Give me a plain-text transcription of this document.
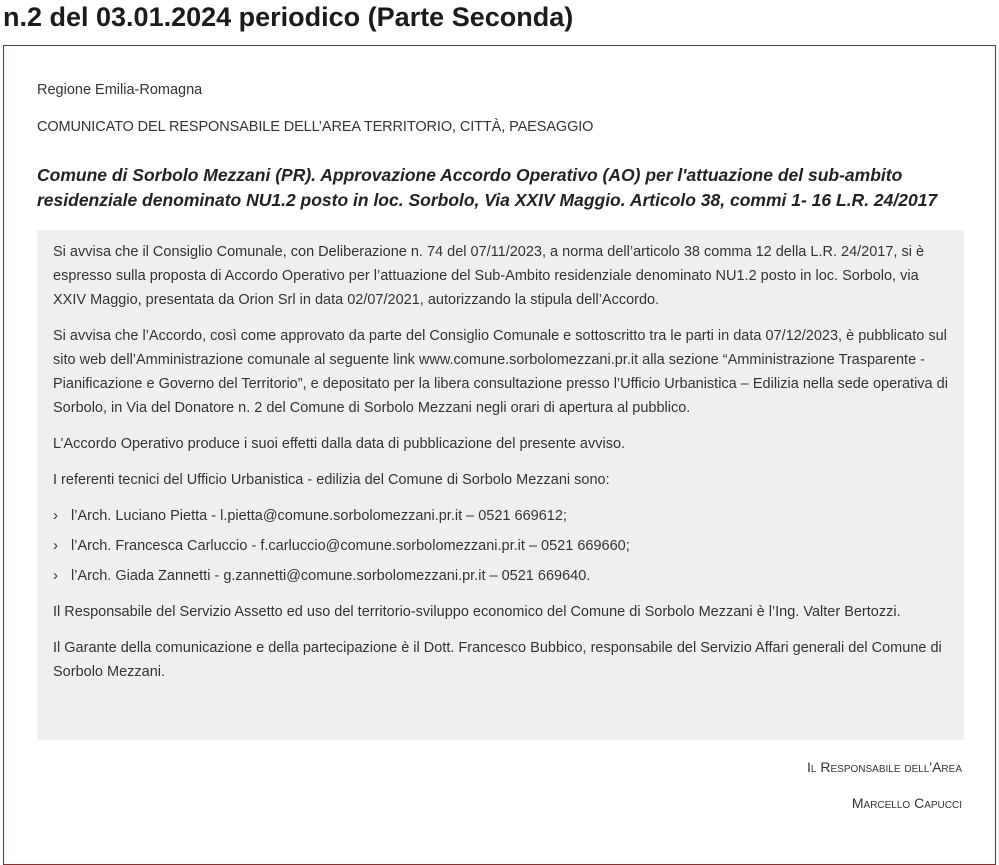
n.2 del 03.01.2024 periodico (Parte Seconda)
Regione Emilia-Romagna
COMUNICATO DEL RESPONSABILE DELL’AREA TERRITORIO, CITTÀ, PAESAGGIO
Comune di Sorbolo Mezzani (PR). Approvazione Accordo Operativo (AO) per l'attuazione del sub-ambito residenziale denominato NU1.2 posto in loc. Sorbolo, Via XXIV Maggio. Articolo 38, commi 1- 16 L.R. 24/2017

Si avvisa che il Consiglio Comunale, con Deliberazione n. 74 del 07/11/2023, a norma dell’articolo 38 comma 12 della L.R. 24/2017, si è espresso sulla proposta di Accordo Operativo per l’attuazione del Sub-Ambito residenziale denominato NU1.2 posto in loc. Sorbolo, via XXIV Maggio, presentata da Orion Srl in data 02/07/2021, autorizzando la stipula dell’Accordo.

Si avvisa che l’Accordo, così come approvato da parte del Consiglio Comunale e sottoscritto tra le parti in data 07/12/2023, è pubblicato sul sito web dell’Amministrazione comunale al seguente link www.comune.sorbolomezzani.pr.it alla sezione “Amministrazione Trasparente - Pianificazione e Governo del Territorio”, e depositato per la libera consultazione presso l’Ufficio Urbanistica – Edilizia nella sede operativa di Sorbolo, in Via del Donatore n. 2 del Comune di Sorbolo Mezzani negli orari di apertura al pubblico.

L’Accordo Operativo produce i suoi effetti dalla data di pubblicazione del presente avviso.

I referenti tecnici del Ufficio Urbanistica - edilizia del Comune di Sorbolo Mezzani sono:

› l’Arch. Luciano Pietta - l.pietta@comune.sorbolomezzani.pr.it – 0521 669612;
› l’Arch. Francesca Carluccio - f.carluccio@comune.sorbolomezzani.pr.it – 0521 669660;
› l’Arch. Giada Zannetti - g.zannetti@comune.sorbolomezzani.pr.it – 0521 669640.

Il Responsabile del Servizio Assetto ed uso del territorio-sviluppo economico del Comune di Sorbolo Mezzani è l’Ing. Valter Bertozzi.

Il Garante della comunicazione e della partecipazione è il Dott. Francesco Bubbico, responsabile del Servizio Affari generali del Comune di Sorbolo Mezzani.

Il Responsabile dell'Area
Marcello Capucci
